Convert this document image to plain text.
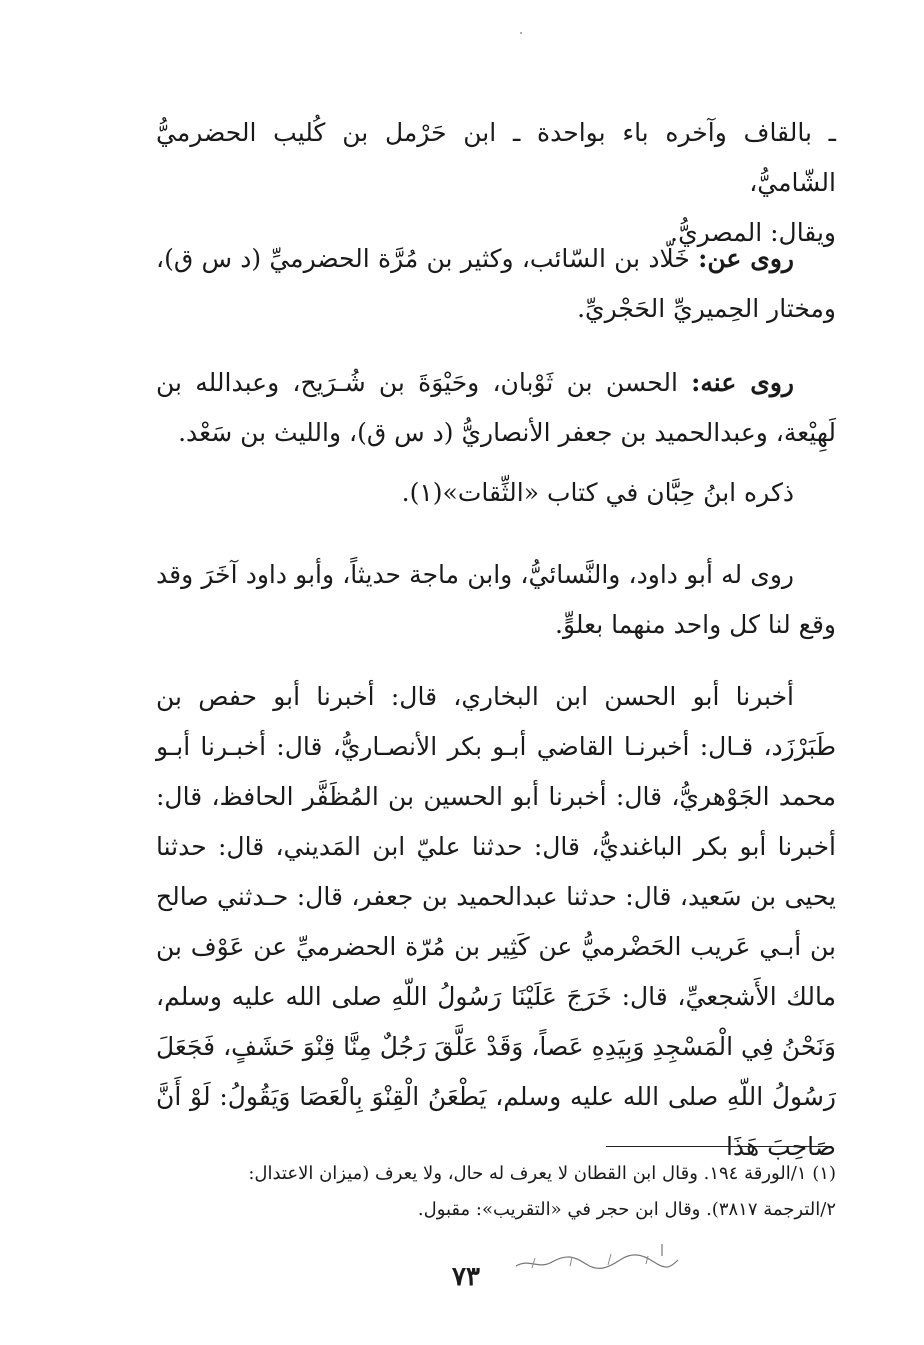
ـ بالقاف وآخره باء بواحدة ـ ابن حَرْمل بن كُليب الحضرميُّ الشّاميُّ،

ويقال: المصريُّ.

روى عن: خَلّاد بن السّائب، وكثير بن مُرَّة الحضرميِّ (د س ق)، ومختار الحِميريِّ الحَجْريِّ.

روى عنه: الحسن بن ثَوْبان، وحَيْوَةَ بن شُـرَيح، وعبدالله بن لَهِيْعة، وعبدالحميد بن جعفر الأنصاريُّ (د س ق)، والليث بن سَعْد.

ذكره ابنُ حِبَّان في كتاب «الثِّقات»(١).

روى له أبو داود، والنَّسائيُّ، وابن ماجة حديثاً، وأبو داود آخَرَ وقد وقع لنا كل واحد منهما بعلوٍّ.

أخبرنا أبو الحسن ابن البخاري، قال: أخبرنا أبو حفص بن طَبَرْزَد، قـال: أخبرنـا القاضي أبـو بكر الأنصـاريُّ، قال: أخبـرنا أبـو محمد الجَوْهريُّ، قال: أخبرنا أبو الحسين بن المُظَفَّر الحافظ، قال: أخبرنا أبو بكر الباغنديُّ، قال: حدثنا عليّ ابن المَديني، قال: حدثنا يحيى بن سَعيد، قال: حدثنا عبدالحميد بن جعفر، قال: حـدثني صالح بن أبـي عَريب الحَضْرميُّ عن كَثِير بن مُرّة الحضرميِّ عن عَوْف بن مالك الأَشجعيِّ، قال: خَرَجَ عَلَيْنَا رَسُولُ اللّهِ صلى الله عليه وسلم، وَنَحْنُ فِي الْمَسْجِدِ وَبِيَدِهِ عَصاً، وَقَدْ عَلَّقَ رَجُلٌ مِنَّا قِنْوَ حَشَفٍ، فَجَعَلَ رَسُولُ اللّهِ صلى الله عليه وسلم، يَطْعَنُ الْقِنْوَ بِالْعَصَا وَيَقُولُ: لَوْ أَنَّ صَاحِبَ هَذَا

(١) ١/الورقة ١٩٤. وقال ابن القطان لا يعرف له حال، ولا يعرف (ميزان الاعتدال:
٢/الترجمة ٣٨١٧). وقال ابن حجر في «التقريب»: مقبول.
٧٣
